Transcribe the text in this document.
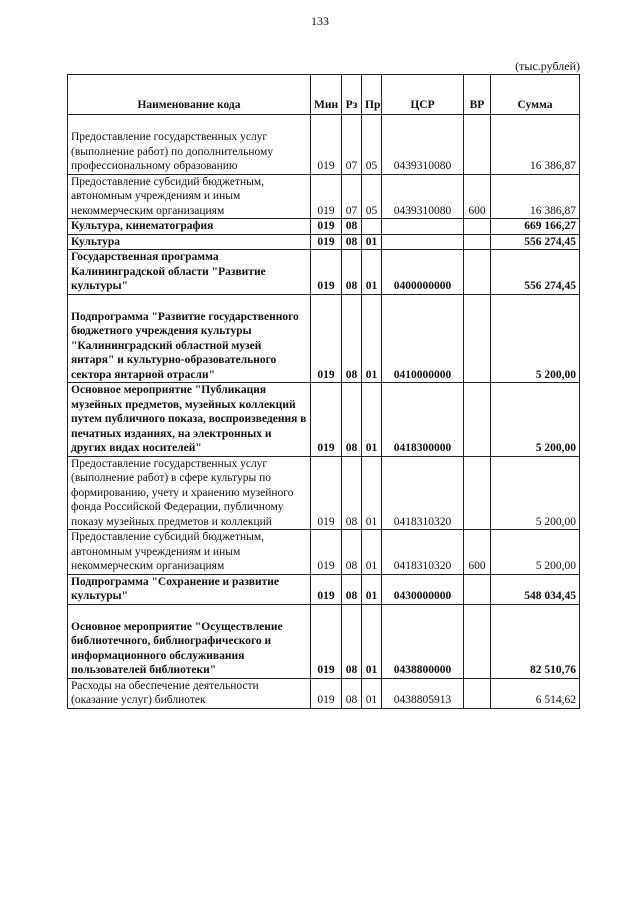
133
(тыс.рублей)
Наименование кода	Мин	Рз	Пр	ЦСР	ВР	Сумма
Предоставление государственных услуг (выполнение работ) по дополнительному профессиональному образованию	019	07	05	0439310080		16 386,87
Предоставление субсидий бюджетным, автономным учреждениям и иным некоммерческим организациям	019	07	05	0439310080	600	16 386,87
Культура, кинематография	019	08				669 166,27
Культура	019	08	01			556 274,45
Государственная программа Калининградской области "Развитие культуры"	019	08	01	0400000000		556 274,45
Подпрограмма "Развитие государственного бюджетного учреждения культуры "Калининградский областной музей янтаря" и культурно-образовательного сектора янтарной отрасли"	019	08	01	0410000000		5 200,00
Основное мероприятие "Публикация музейных предметов, музейных коллекций путем публичного показа, воспроизведения в печатных изданиях, на электронных и других видах носителей"	019	08	01	0418300000		5 200,00
Предоставление государственных услуг (выполнение работ) в сфере культуры по формированию, учету и хранению музейного фонда Российской Федерации, публичному показу музейных предметов и коллекций	019	08	01	0418310320		5 200,00
Предоставление субсидий бюджетным, автономным учреждениям и иным некоммерческим организациям	019	08	01	0418310320	600	5 200,00
Подпрограмма "Сохранение и развитие культуры"	019	08	01	0430000000		548 034,45
Основное мероприятие "Осуществление библиотечного, библиографического и информационного обслуживания пользователей библиотеки"	019	08	01	0438800000		82 510,76
Расходы на обеспечение деятельности (оказание услуг) библиотек	019	08	01	0438805913		6 514,62
